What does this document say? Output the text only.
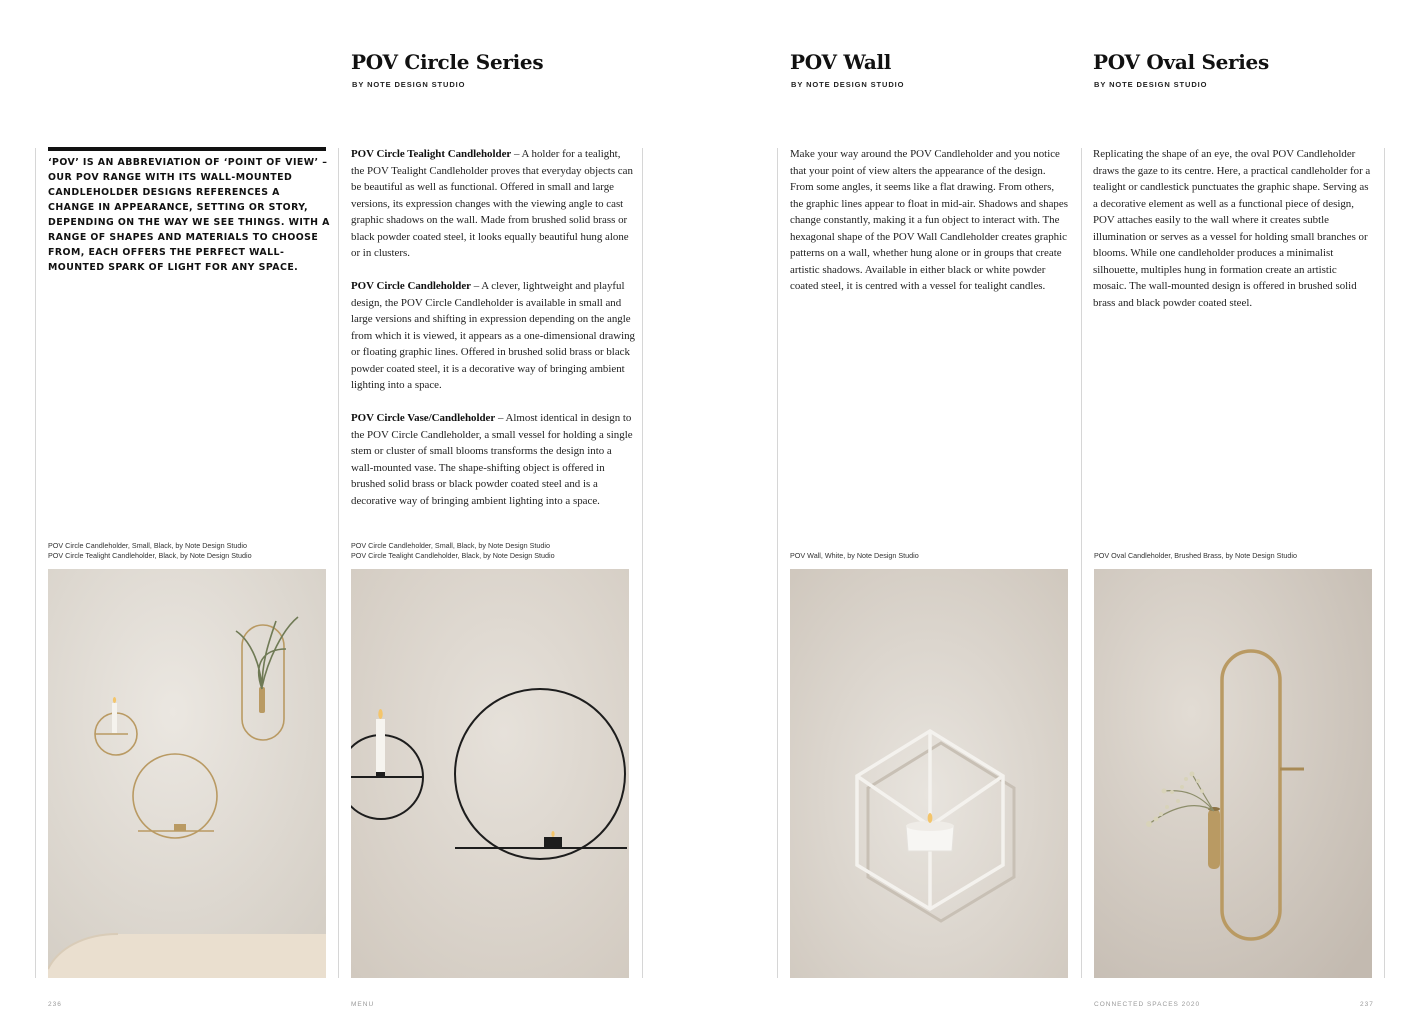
POV Circle Series

BY NOTE DESIGN STUDIO

POV Wall

BY NOTE DESIGN STUDIO

POV Oval Series

BY NOTE DESIGN STUDIO

‘POV’ IS AN ABBREVIATION OF ‘POINT OF VIEW’ – OUR POV RANGE WITH ITS WALL-MOUNTED CANDLEHOLDER DESIGNS REFERENCES A CHANGE IN APPEARANCE, SETTING OR STORY, DEPENDING ON THE WAY WE SEE THINGS. WITH A RANGE OF SHAPES AND MATERIALS TO CHOOSE FROM, EACH OFFERS THE PERFECT WALL-MOUNTED SPARK OF LIGHT FOR ANY SPACE.

POV Circle Tealight Candleholder – A holder for a tealight, the POV Tealight Candleholder proves that everyday objects can be beautiful as well as functional. Offered in small and large versions, its expression changes with the viewing angle to cast graphic shadows on the wall. Made from brushed solid brass or black powder coated steel, it looks equally beautiful hung alone or in clusters.

POV Circle Candleholder – A clever, lightweight and playful design, the POV Circle Candleholder is available in small and large versions and shifting in expression depending on the angle from which it is viewed, it appears as a one-dimensional drawing or floating graphic lines. Offered in brushed solid brass or black powder coated steel, it is a decorative way of bringing ambient lighting into a space.

POV Circle Vase/Candleholder – Almost identical in design to the POV Circle Candleholder, a small vessel for holding a single stem or cluster of small blooms transforms the design into a wall-mounted vase. The shape-shifting object is offered in brushed solid brass or black powder coated steel and is a decorative way of bringing ambient lighting into a space.

Make your way around the POV Candleholder and you notice that your point of view alters the appearance of the design. From some angles, it seems like a flat drawing. From others, the graphic lines appear to float in mid-air. Shadows and shapes change constantly, making it a fun object to interact with. The hexagonal shape of the POV Wall Candleholder creates graphic patterns on a wall, whether hung alone or in groups that create artistic shadows. Available in either black or white powder coated steel, it is centred with a vessel for tealight candles.

Replicating the shape of an eye, the oval POV Candleholder draws the gaze to its centre. Here, a practical candleholder for a tealight or candlestick punctuates the graphic shape. Serving as a decorative element as well as a functional piece of design, POV attaches easily to the wall where it creates subtle illumination or serves as a vessel for holding small branches or blooms. While one candleholder produces a minimalist silhouette, multiples hung in formation create an artistic mosaic. The wall-mounted design is offered in brushed solid brass and black powder coated steel.

POV Circle Candleholder, Small, Black, by Note Design Studio
POV Circle Tealight Candleholder, Black, by Note Design Studio
POV Circle Candleholder, Small, Black, by Note Design Studio
POV Circle Tealight Candleholder, Black, by Note Design Studio	POV Wall, White, by Note Design Studio	POV Oval Candleholder, Brushed Brass, by Note Design Studio

236	MENU	CONNECTED SPACES 2020	237
